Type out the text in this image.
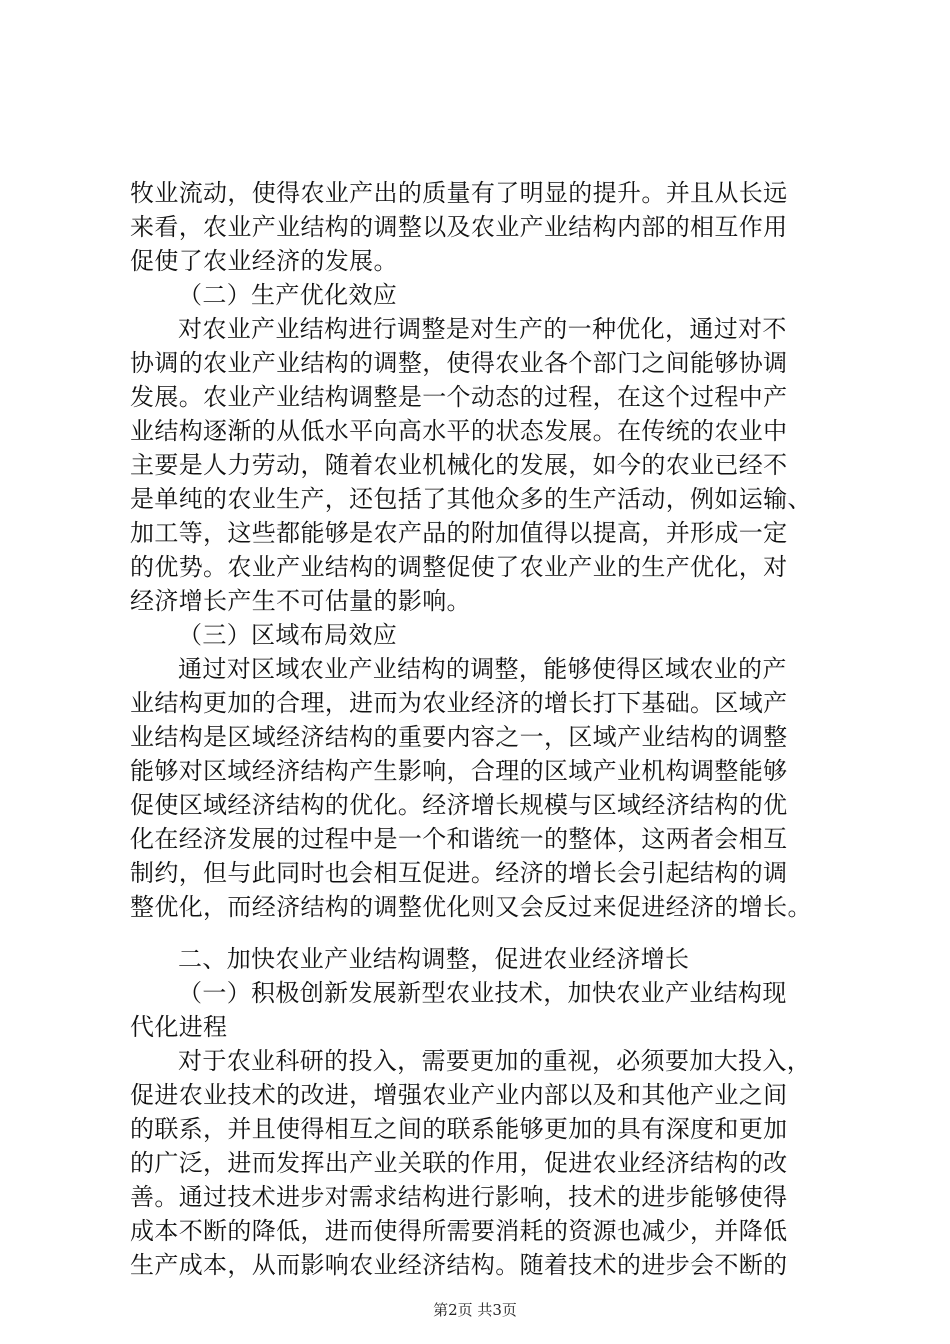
牧业流动，使得农业产出的质量有了明显的提升。并且从长远
来看，农业产业结构的调整以及农业产业结构内部的相互作用
促使了农业经济的发展。
（二）生产优化效应
对农业产业结构进行调整是对生产的一种优化，通过对不
协调的农业产业结构的调整，使得农业各个部门之间能够协调
发展。农业产业结构调整是一个动态的过程，在这个过程中产
业结构逐渐的从低水平向高水平的状态发展。在传统的农业中
主要是人力劳动，随着农业机械化的发展，如今的农业已经不
是单纯的农业生产，还包括了其他众多的生产活动，例如运输、
加工等，这些都能够是农产品的附加值得以提高，并形成一定
的优势。农业产业结构的调整促使了农业产业的生产优化，对
经济增长产生不可估量的影响。
（三）区域布局效应
通过对区域农业产业结构的调整，能够使得区域农业的产
业结构更加的合理，进而为农业经济的增长打下基础。区域产
业结构是区域经济结构的重要内容之一，区域产业结构的调整
能够对区域经济结构产生影响，合理的区域产业机构调整能够
促使区域经济结构的优化。经济增长规模与区域经济结构的优
化在经济发展的过程中是一个和谐统一的整体，这两者会相互
制约，但与此同时也会相互促进。经济的增长会引起结构的调
整优化，而经济结构的调整优化则又会反过来促进经济的增长。
二、加快农业产业结构调整，促进农业经济增长
（一）积极创新发展新型农业技术，加快农业产业结构现
代化进程
对于农业科研的投入，需要更加的重视，必须要加大投入，
促进农业技术的改进，增强农业产业内部以及和其他产业之间
的联系，并且使得相互之间的联系能够更加的具有深度和更加
的广泛，进而发挥出产业关联的作用，促进农业经济结构的改
善。通过技术进步对需求结构进行影响，技术的进步能够使得
成本不断的降低，进而使得所需要消耗的资源也减少，并降低
生产成本，从而影响农业经济结构。随着技术的进步会不断的
第2页 共3页
